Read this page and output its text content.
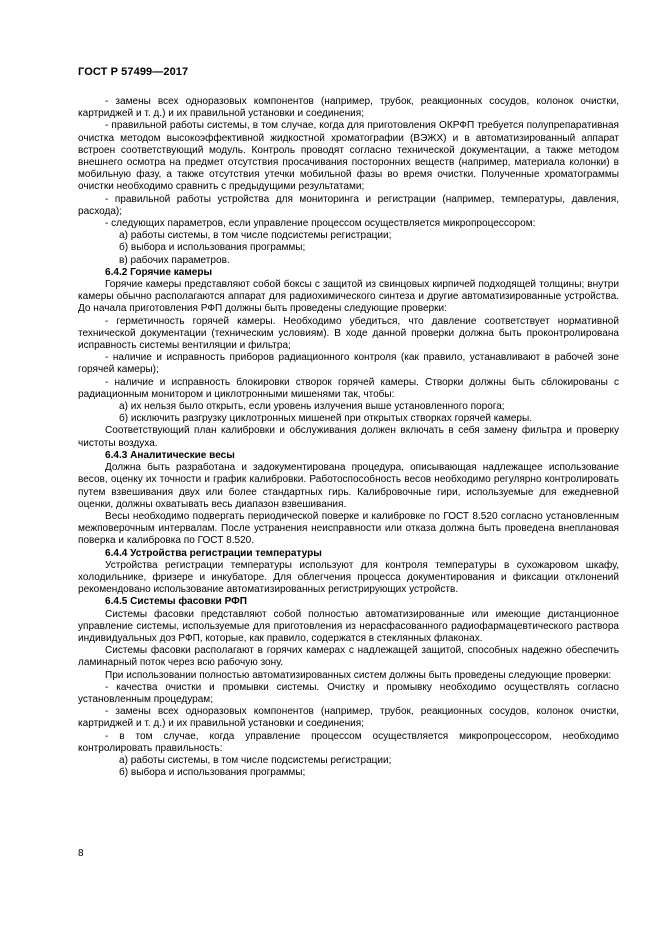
ГОСТ Р 57499—2017

- замены всех одноразовых компонентов (например, трубок, реакционных сосудов, колонок очистки, картриджей и т. д.) и их правильной установки и соединения;

- правильной работы системы, в том случае, когда для приготовления ОКРФП требуется полупрепаративная очистка методом высокоэффективной жидкостной хроматографии (ВЭЖХ) и в автоматизированный аппарат встроен соответствующий модуль. Контроль проводят согласно технической документации, а также методом внешнего осмотра на предмет отсутствия просачивания посторонних веществ (например, материала колонки) в мобильную фазу, а также отсутствия утечки мобильной фазы во время очистки. Полученные хроматограммы очистки необходимо сравнить с предыдущими результатами;

- правильной работы устройства для мониторинга и регистрации (например, температуры, давления, расхода);

- следующих параметров, если управление процессом осуществляется микропроцессором:

а) работы системы, в том числе подсистемы регистрации;

б) выбора и использования программы;

в) рабочих параметров.

6.4.2 Горячие камеры

Горячие камеры представляют собой боксы с защитой из свинцовых кирпичей подходящей толщины; внутри камеры обычно располагаются аппарат для радиохимического синтеза и другие автоматизированные устройства. До начала приготовления РФП должны быть проведены следующие проверки:

- герметичность горячей камеры. Необходимо убедиться, что давление соответствует нормативной технической документации (техническим условиям). В ходе данной проверки должна быть проконтролирована исправность системы вентиляции и фильтра;

- наличие и исправность приборов радиационного контроля (как правило, устанавливают в рабочей зоне горячей камеры);

- наличие и исправность блокировки створок горячей камеры. Створки должны быть сблокированы с радиационным монитором и циклотронными мишенями так, чтобы:

а) их нельзя было открыть, если уровень излучения выше установленного порога;

б) исключить разгрузку циклотронных мишеней при открытых створках горячей камеры.

Соответствующий план калибровки и обслуживания должен включать в себя замену фильтра и проверку чистоты воздуха.

6.4.3 Аналитические весы

Должна быть разработана и задокументирована процедура, описывающая надлежащее использование весов, оценку их точности и график калибровки. Работоспособность весов необходимо регулярно контролировать путем взвешивания двух или более стандартных гирь. Калибровочные гири, используемые для ежедневной оценки, должны охватывать весь диапазон взвешивания.

Весы необходимо подвергать периодической поверке и калибровке по ГОСТ 8.520 согласно установленным межповерочным интервалам. После устранения неисправности или отказа должна быть проведена внеплановая поверка и калибровка по ГОСТ 8.520.

6.4.4 Устройства регистрации температуры

Устройства регистрации температуры используют для контроля температуры в сухожаровом шкафу, холодильнике, фризере и инкубаторе. Для облегчения процесса документирования и фиксации отклонений рекомендовано использование автоматизированных регистрирующих устройств.

6.4.5 Системы фасовки РФП

Системы фасовки представляют собой полностью автоматизированные или имеющие дистанционное управление системы, используемые для приготовления из нерасфасованного радиофармацевтического раствора индивидуальных доз РФП, которые, как правило, содержатся в стеклянных флаконах.

Системы фасовки располагают в горячих камерах с надлежащей защитой, способных надежно обеспечить ламинарный поток через всю рабочую зону.

При использовании полностью автоматизированных систем должны быть проведены следующие проверки:

- качества очистки и промывки системы. Очистку и промывку необходимо осуществлять согласно установленным процедурам;

- замены всех одноразовых компонентов (например, трубок, реакционных сосудов, колонок очистки, картриджей и т. д.) и их правильной установки и соединения;

- в том случае, когда управление процессом осуществляется микропроцессором, необходимо контролировать правильность:

а) работы системы, в том числе подсистемы регистрации;

б) выбора и использования программы;

8
